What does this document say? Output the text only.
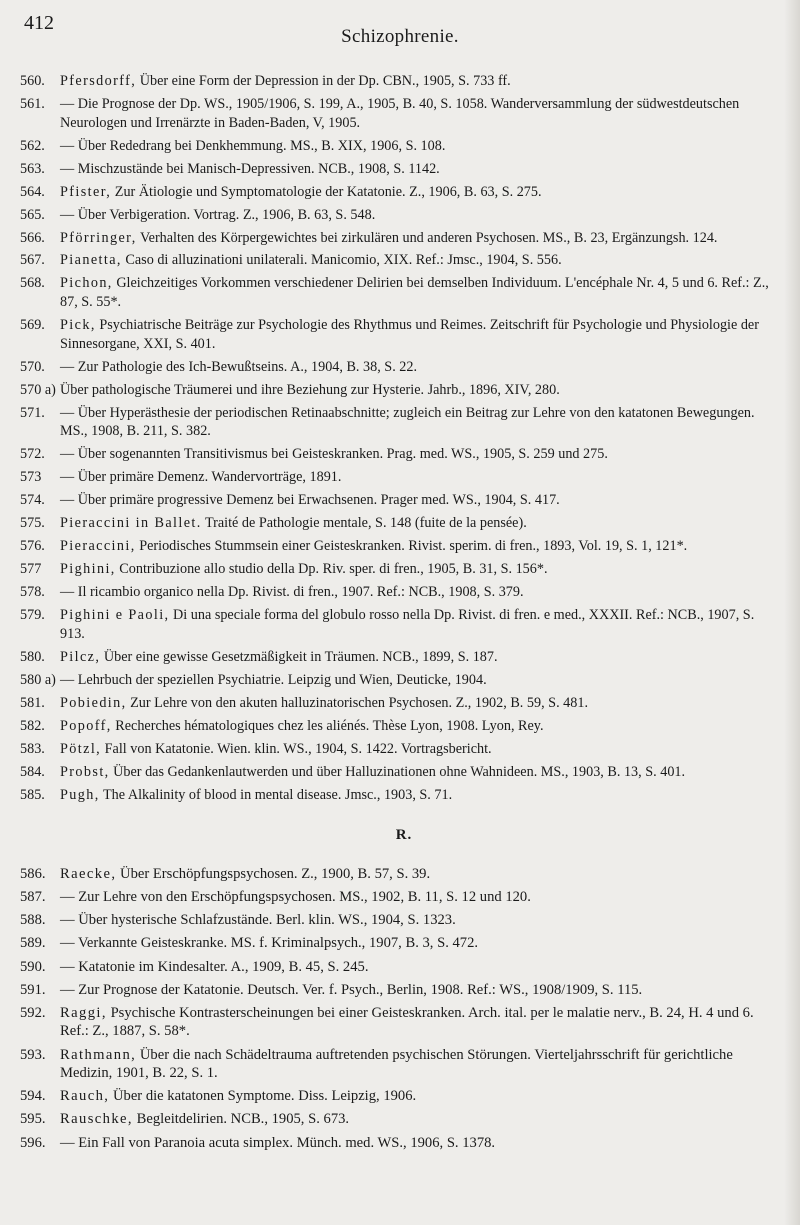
412
Schizophrenie.
560.	Pfersdorff, Über eine Form der Depression in der Dp. CBN., 1905, S. 733 ff.
561.	— Die Prognose der Dp. WS., 1905/1906, S. 199, A., 1905, B. 40, S. 1058. Wanderversammlung der südwestdeutschen Neurologen und Irrenärzte in Baden-Baden, V, 1905.
562.	— Über Rededrang bei Denkhemmung. MS., B. XIX, 1906, S. 108.
563.	— Mischzustände bei Manisch-Depressiven. NCB., 1908, S. 1142.
564.	Pfister, Zur Ätiologie und Symptomatologie der Katatonie. Z., 1906, B. 63, S. 275.
565.	— Über Verbigeration. Vortrag. Z., 1906, B. 63, S. 548.
566.	Pförringer, Verhalten des Körpergewichtes bei zirkulären und anderen Psychosen. MS., B. 23, Ergänzungsh. 124.
567.	Pianetta, Caso di alluzinationi unilaterali. Manicomio, XIX. Ref.: Jmsc., 1904, S. 556.
568.	Pichon, Gleichzeitiges Vorkommen verschiedener Delirien bei demselben Individuum. L'encéphale Nr. 4, 5 und 6. Ref.: Z., 87, S. 55*.
569.	Pick, Psychiatrische Beiträge zur Psychologie des Rhythmus und Reimes. Zeitschrift für Psychologie und Physiologie der Sinnesorgane, XXI, S. 401.
570.	— Zur Pathologie des Ich-Bewußtseins. A., 1904, B. 38, S. 22.
570 a) Über pathologische Träumerei und ihre Beziehung zur Hysterie. Jahrb., 1896, XIV, 280.
571.	— Über Hyperästhesie der periodischen Retinaabschnitte; zugleich ein Beitrag zur Lehre von den katatonen Bewegungen. MS., 1908, B. 211, S. 382.
572.	— Über sogenannten Transitivismus bei Geisteskranken. Prag. med. WS., 1905, S. 259 und 275.
573	— Über primäre Demenz. Wandervorträge, 1891.
574.	— Über primäre progressive Demenz bei Erwachsenen. Prager med. WS., 1904, S. 417.
575.	Pieraccini in Ballet. Traité de Pathologie mentale, S. 148 (fuite de la pensée).
576.	Pieraccini, Periodisches Stummsein einer Geisteskranken. Rivist. sperim. di fren., 1893, Vol. 19, S. 1, 121*.
577	Pighini, Contribuzione allo studio della Dp. Riv. sper. di fren., 1905, B. 31, S. 156*.
578.	— Il ricambio organico nella Dp. Rivist. di fren., 1907. Ref.: NCB., 1908, S. 379.
579.	Pighini e Paoli, Di una speciale forma del globulo rosso nella Dp. Rivist. di fren. e med., XXXII. Ref.: NCB., 1907, S. 913.
580.	Pilcz, Über eine gewisse Gesetzmäßigkeit in Träumen. NCB., 1899, S. 187.
580 a) — Lehrbuch der speziellen Psychiatrie. Leipzig und Wien, Deuticke, 1904.
581.	Pobiedin, Zur Lehre von den akuten halluzinatorischen Psychosen. Z., 1902, B. 59, S. 481.
582.	Popoff, Recherches hématologiques chez les aliénés. Thèse Lyon, 1908. Lyon, Rey.
583.	Pötzl, Fall von Katatonie. Wien. klin. WS., 1904, S. 1422. Vortragsbericht.
584.	Probst, Über das Gedankenlautwerden und über Halluzinationen ohne Wahnideen. MS., 1903, B. 13, S. 401.
585.	Pugh, The Alkalinity of blood in mental disease. Jmsc., 1903, S. 71.
R.
586. Raecke, Über Erschöpfungspsychosen. Z., 1900, B. 57, S. 39.
587. — Zur Lehre von den Erschöpfungspsychosen. MS., 1902, B. 11, S. 12 und 120.
588. — Über hysterische Schlafzustände. Berl. klin. WS., 1904, S. 1323.
589. — Verkannte Geisteskranke. MS. f. Kriminalpsych., 1907, B. 3, S. 472.
590. — Katatonie im Kindesalter. A., 1909, B. 45, S. 245.
591. — Zur Prognose der Katatonie. Deutsch. Ver. f. Psych., Berlin, 1908. Ref.: WS., 1908/1909, S. 115.
592. Raggi, Psychische Kontrasterscheinungen bei einer Geisteskranken. Arch. ital. per le malatie nerv., B. 24, H. 4 und 6. Ref.: Z., 1887, S. 58*.
593. Rathmann, Über die nach Schädeltrauma auftretenden psychischen Störungen. Vierteljahrsschrift für gerichtliche Medizin, 1901, B. 22, S. 1.
594. Rauch, Über die katatonen Symptome. Diss. Leipzig, 1906.
595. Rauschke, Begleitdelirien. NCB., 1905, S. 673.
596. — Ein Fall von Paranoia acuta simplex. Münch. med. WS., 1906, S. 1378.
